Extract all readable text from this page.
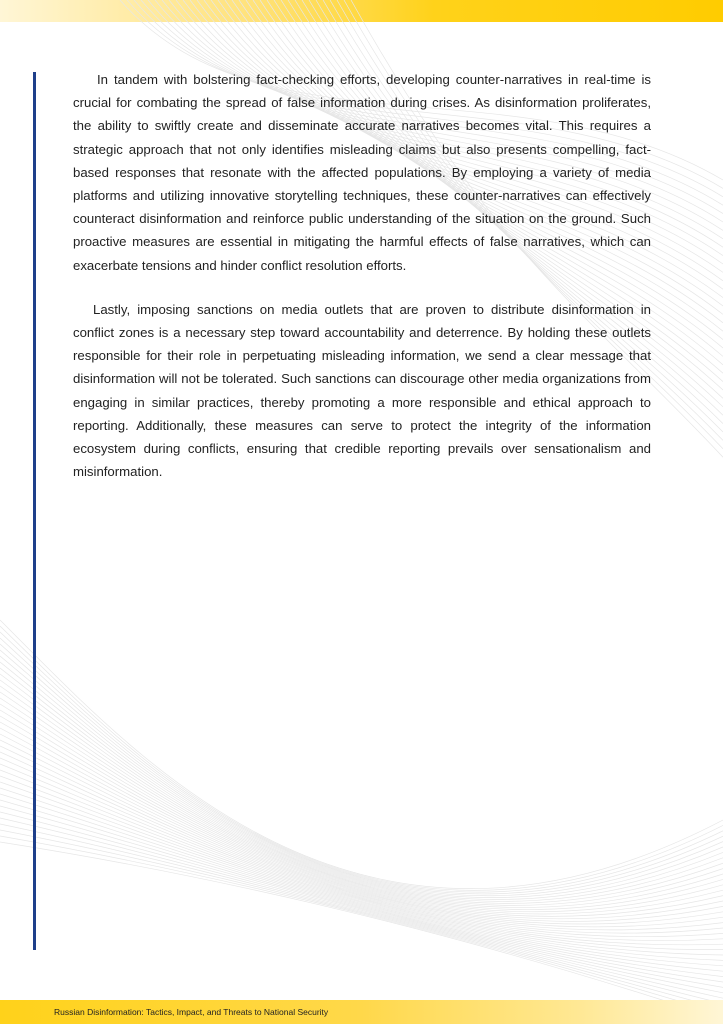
In tandem with bolstering fact-checking efforts, developing counter-narratives in real-time is crucial for combating the spread of false information during crises. As disinformation proliferates, the ability to swiftly create and disseminate accurate narratives becomes vital. This requires a strategic approach that not only identifies misleading claims but also presents compelling, fact-based responses that resonate with the affected populations. By employing a variety of media platforms and utilizing innovative storytelling techniques, these counter-narratives can effectively counteract disinformation and reinforce public understanding of the situation on the ground. Such proactive measures are essential in mitigating the harmful effects of false narratives, which can exacerbate tensions and hinder conflict resolution efforts.

Lastly, imposing sanctions on media outlets that are proven to distribute disinformation in conflict zones is a necessary step toward accountability and deterrence. By holding these outlets responsible for their role in perpetuating misleading information, we send a clear message that disinformation will not be tolerated. Such sanctions can discourage other media organizations from engaging in similar practices, thereby promoting a more responsible and ethical approach to reporting. Additionally, these measures can serve to protect the integrity of the information ecosystem during conflicts, ensuring that credible reporting prevails over sensationalism and misinformation.

Russian Disinformation: Tactics, Impact, and Threats to National Security
